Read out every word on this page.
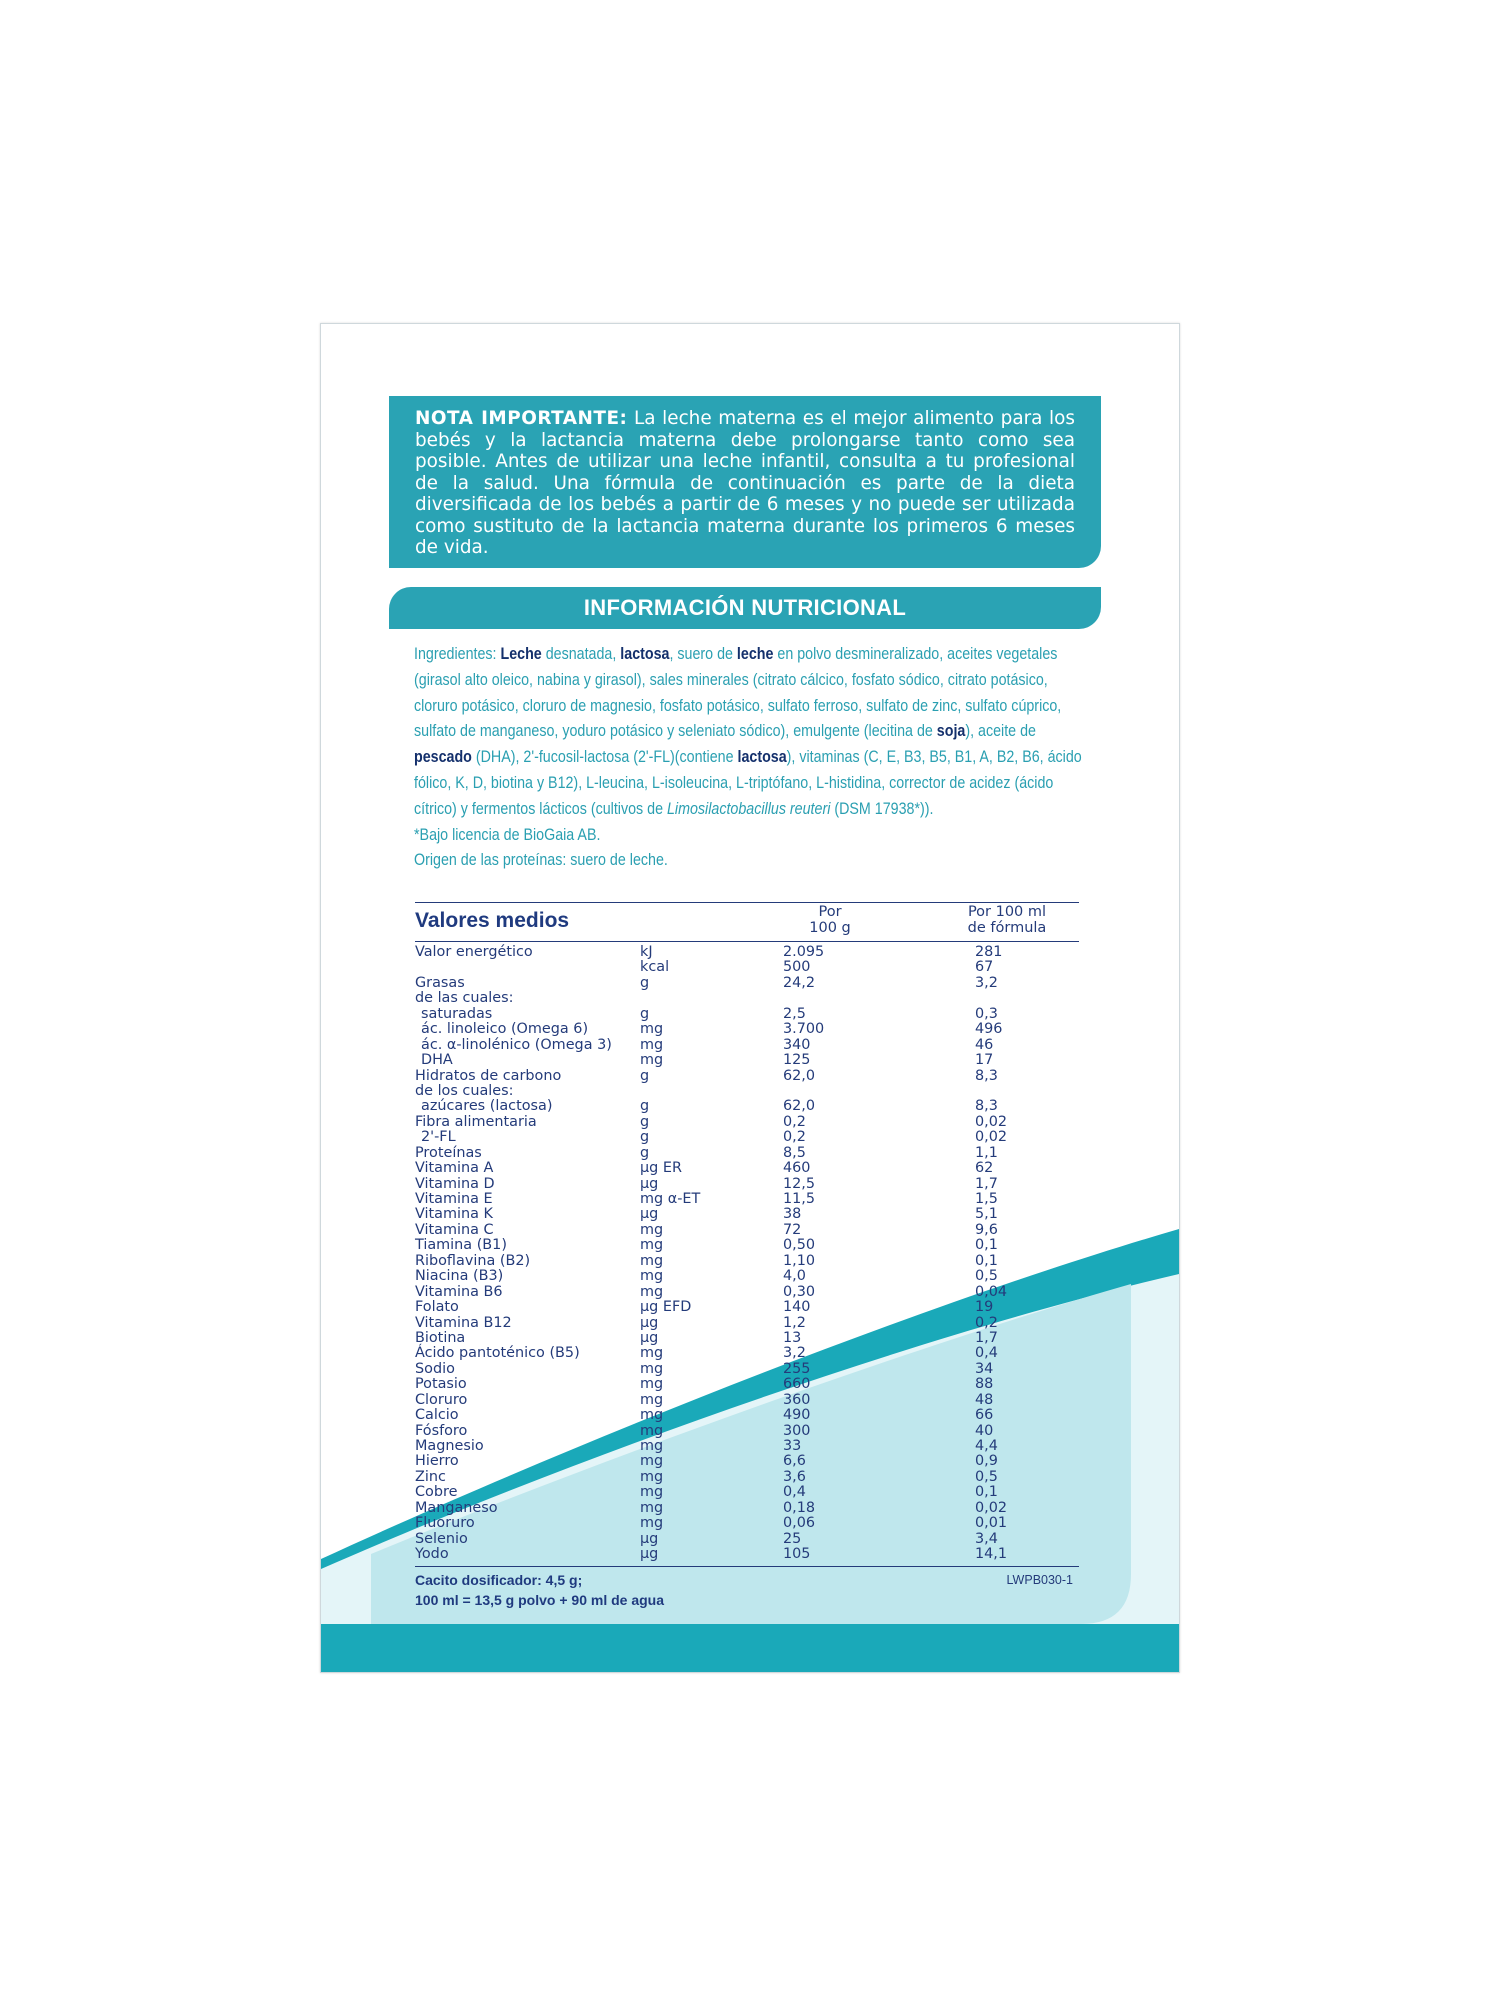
NOTA IMPORTANTE: La leche materna es el mejor alimento para los bebés y la lactancia materna debe prolongarse tanto como sea posible. Antes de utilizar una leche infantil, consulta a tu profesional de la salud. Una fórmula de continuación es parte de la dieta diversificada de los bebés a partir de 6 meses y no puede ser utilizada como sustituto de la lactancia materna durante los primeros 6 meses de vida.
INFORMACIÓN NUTRICIONAL
Ingredientes: Leche desnatada, lactosa, suero de leche en polvo desmineralizado, aceites vegetales (girasol alto oleico, nabina y girasol), sales minerales (citrato cálcico, fosfato sódico, citrato potásico, cloruro potásico, cloruro de magnesio, fosfato potásico, sulfato ferroso, sulfato de zinc, sulfato cúprico, sulfato de manganeso, yoduro potásico y seleniato sódico), emulgente (lecitina de soja), aceite de pescado (DHA), 2'-fucosil-lactosa (2'-FL)(contiene lactosa), vitaminas (C, E, B3, B5, B1, A, B2, B6, ácido fólico, K, D, biotina y B12), L-leucina, L-isoleucina, L-triptófano, L-histidina, corrector de acidez (ácido cítrico) y fermentos lácticos (cultivos de Limosilactobacillus reuteri (DSM 17938*)).
*Bajo licencia de BioGaia AB.
Origen de las proteínas: suero de leche.
Valores medios	Por
100 g
Por 100 ml
de fórmula
Valor energético	kJ	2.095	281
kcal	500	67
Grasas	g	24,2	3,2
de las cuales:
saturadas	g	2,5	0,3
ác. linoleico (Omega 6)	mg	3.700	496
ác. α-linolénico (Omega 3) mg	340	46
DHA	mg	125	17
Hidratos de carbono	g	62,0	8,3
de los cuales:
azúcares (lactosa)	g	62,0	8,3
Fibra alimentaria	g	0,2	0,02
2'-FL	g	0,2	0,02
Proteínas	g	8,5	1,1
Vitamina A	µg ER	460	62
Vitamina D	µg	12,5	1,7
Vitamina E	mg α-ET	11,5	1,5
Vitamina K	µg	38	5,1
Vitamina C	mg	72	9,6
Tiamina (B1)	mg	0,50	0,1
Riboflavina (B2)	mg	1,10	0,1
Niacina (B3)	mg	4,0	0,5
Vitamina B6	mg	0,30	0,04
Folato	µg EFD	140	19
Vitamina B12	µg	1,2	0,2
Biotina	µg	13	1,7
Ácido pantoténico (B5)	mg	3,2	0,4
Sodio	mg	255	34
Potasio	mg	660	88
Cloruro	mg	360	48
Calcio	mg	490	66
Fósforo	mg	300	40
Magnesio	mg	33	4,4
Hierro	mg	6,6	0,9
Zinc	mg	3,6	0,5
Cobre	mg	0,4	0,1
Manganeso	mg	0,18	0,02
Fluoruro	mg	0,06	0,01
Selenio	µg	25	3,4
Yodo	µg	105	14,1
Cacito dosificador: 4,5 g;
100 ml = 13,5 g polvo + 90 ml de agua
LWPB030-1
